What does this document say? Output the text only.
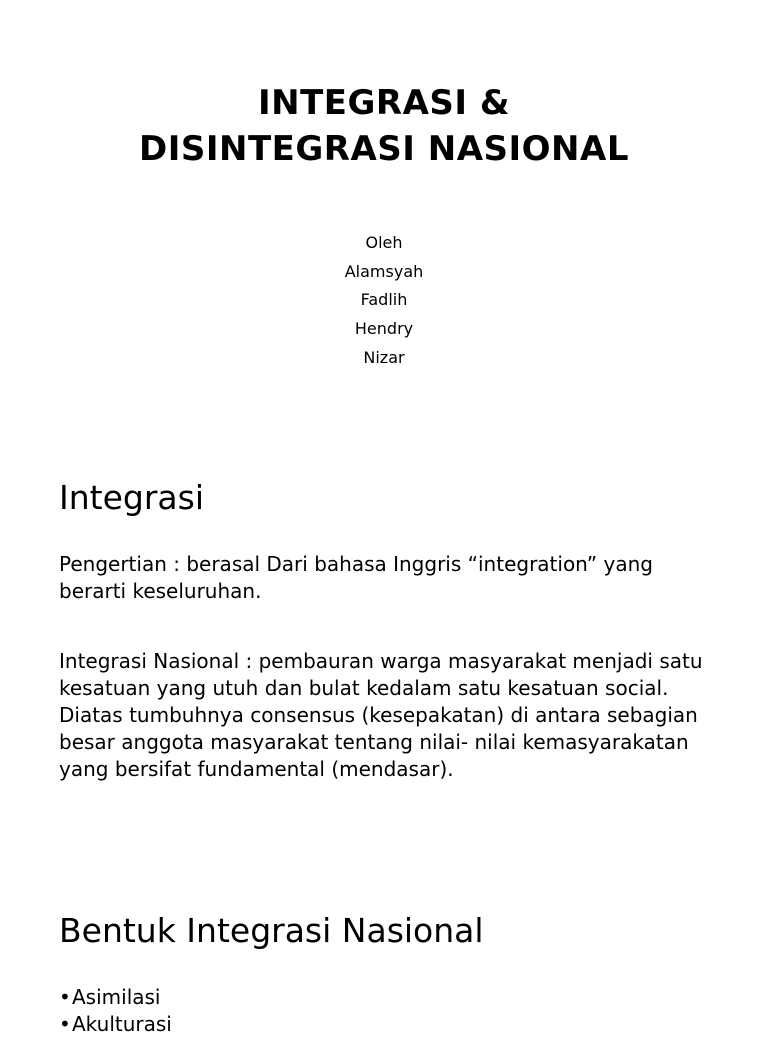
INTEGRASI &
DISINTEGRASI NASIONAL
Oleh
Alamsyah
Fadlih
Hendry
Nizar
Integrasi

Pengertian : berasal Dari bahasa Inggris “integration” yang berarti keseluruhan.

Integrasi Nasional : pembauran warga masyarakat menjadi satu kesatuan yang utuh dan bulat kedalam satu kesatuan social. Diatas tumbuhnya consensus (kesepakatan) di antara sebagian besar anggota masyarakat tentang nilai- nilai kemasyarakatan yang bersifat fundamental (mendasar).

Bentuk Integrasi Nasional
•Asimilasi
•Akulturasi
